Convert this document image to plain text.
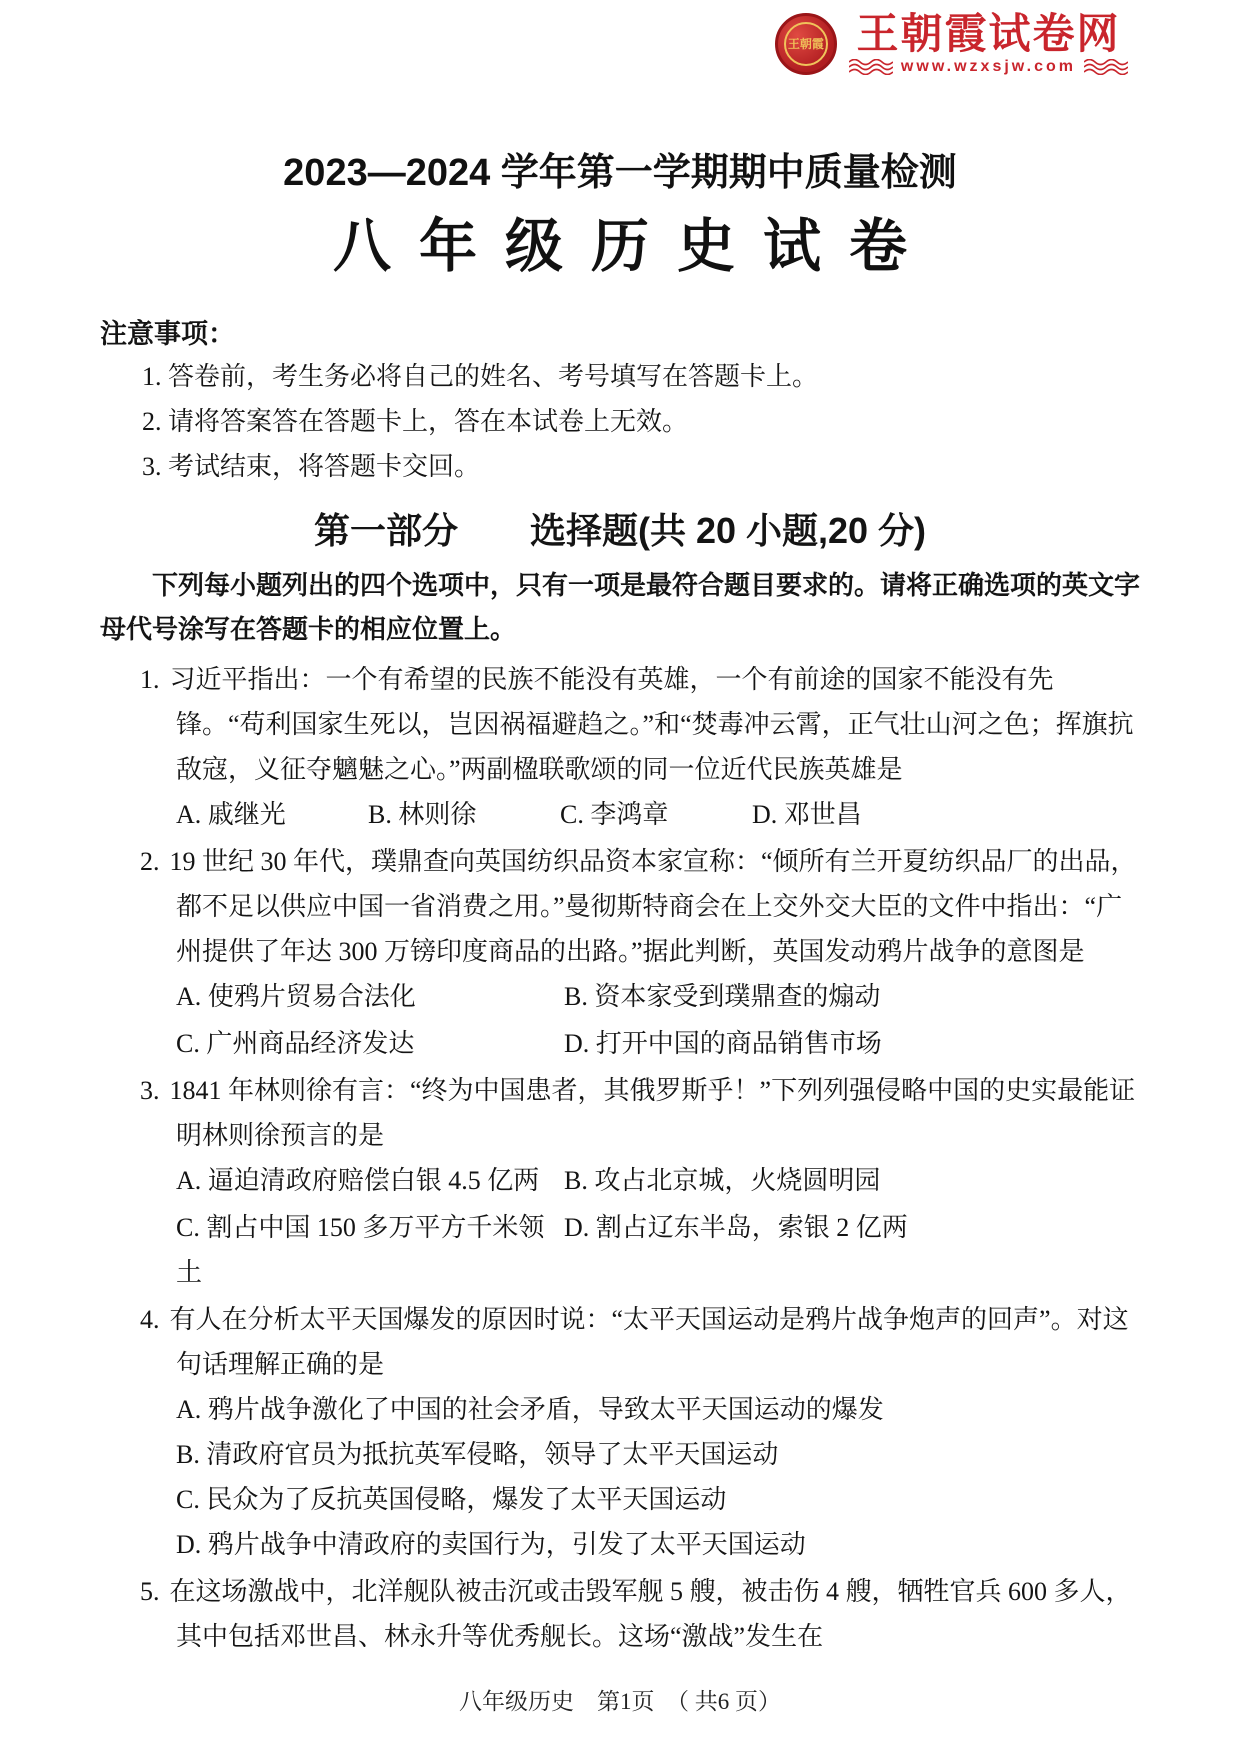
王朝霞 王朝霞试卷网
www.wzxsjw.com
2023—2024 学年第一学期期中质量检测
八年级历史试卷
注意事项：
1. 答卷前，考生务必将自己的姓名、考号填写在答题卡上。
2. 请将答案答在答题卡上，答在本试卷上无效。
3. 考试结束，将答题卡交回。
第一部分　　选择题(共 20 小题,20 分)
下列每小题列出的四个选项中，只有一项是最符合题目要求的。请将正确选项的英文字母代号涂写在答题卡的相应位置上。

1. 习近平指出：一个有希望的民族不能没有英雄，一个有前途的国家不能没有先锋。“苟利国家生死以，岂因祸福避趋之。”和“焚毒冲云霄，正气壮山河之色；挥旗抗敌寇，义征夺魑魅之心。”两副楹联歌颂的同一位近代民族英雄是

A. 戚继光	B. 林则徐	C. 李鸿章	D. 邓世昌

2. 19 世纪 30 年代，璞鼎查向英国纺织品资本家宣称：“倾所有兰开夏纺织品厂的出品，都不足以供应中国一省消费之用。”曼彻斯特商会在上交外交大臣的文件中指出：“广州提供了年达 300 万镑印度商品的出路。”据此判断，英国发动鸦片战争的意图是

A. 使鸦片贸易合法化	B. 资本家受到璞鼎查的煽动
C. 广州商品经济发达	D. 打开中国的商品销售市场

3. 1841 年林则徐有言：“终为中国患者，其俄罗斯乎！”下列列强侵略中国的史实最能证明林则徐预言的是

A. 逼迫清政府赔偿白银 4.5 亿两 B. 攻占北京城，火烧圆明园
C. 割占中国 150 多万平方千米领土
D. 割占辽东半岛，索银 2 亿两

4. 有人在分析太平天国爆发的原因时说：“太平天国运动是鸦片战争炮声的回声”。对这句话理解正确的是

A. 鸦片战争激化了中国的社会矛盾，导致太平天国运动的爆发
B. 清政府官员为抵抗英军侵略，领导了太平天国运动
C. 民众为了反抗英国侵略，爆发了太平天国运动
D. 鸦片战争中清政府的卖国行为，引发了太平天国运动

5. 在这场激战中，北洋舰队被击沉或击毁军舰 5 艘，被击伤 4 艘，牺牲官兵 600 多人，其中包括邓世昌、林永升等优秀舰长。这场“激战”发生在

八年级历史　第1页　（ 共6 页）
